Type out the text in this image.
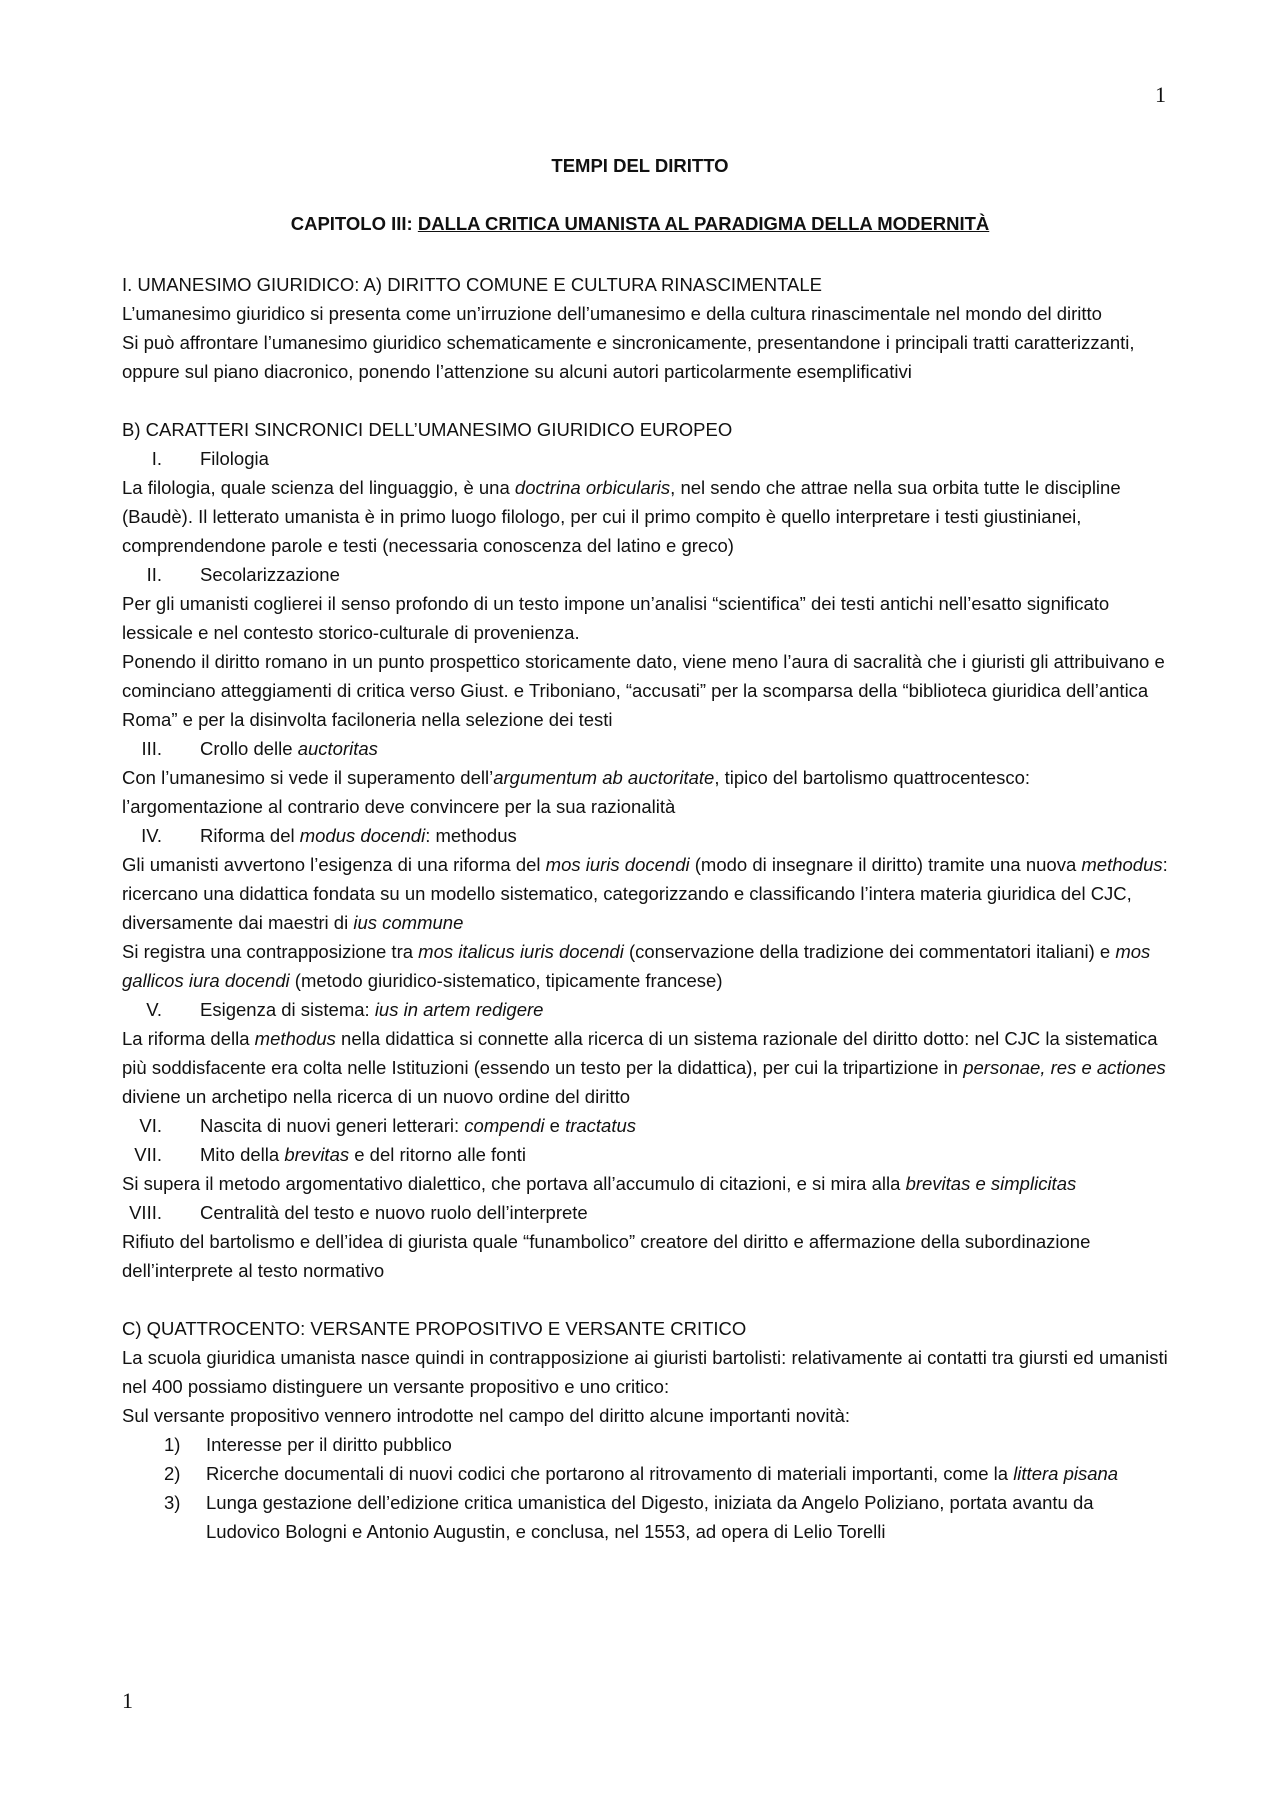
1
TEMPI DEL DIRITTO
CAPITOLO III: DALLA CRITICA UMANISTA AL PARADIGMA DELLA MODERNITÀ

I. UMANESIMO GIURIDICO: A) DIRITTO COMUNE E CULTURA RINASCIMENTALE

L’umanesimo giuridico si presenta come un’irruzione dell’umanesimo e della cultura rinascimentale nel mondo del diritto

Si può affrontare l’umanesimo giuridico schematicamente e sincronicamente, presentandone i principali tratti caratterizzanti, oppure sul piano diacronico, ponendo l’attenzione su alcuni autori particolarmente esemplificativi

B) CARATTERI SINCRONICI DELL’UMANESIMO GIURIDICO EUROPEO

I. Filologia

La filologia, quale scienza del linguaggio, è una doctrina orbicularis, nel sendo che attrae nella sua orbita tutte le discipline (Baudè). Il letterato umanista è in primo luogo filologo, per cui il primo compito è quello interpretare i testi giustinianei, comprendendone parole e testi (necessaria conoscenza del latino e greco)

II. Secolarizzazione

Per gli umanisti coglierei il senso profondo di un testo impone un’analisi “scientifica” dei testi antichi nell’esatto significato lessicale e nel contesto storico-culturale di provenienza.

Ponendo il diritto romano in un punto prospettico storicamente dato, viene meno l’aura di sacralità che i giuristi gli attribuivano e cominciano atteggiamenti di critica verso Giust. e Triboniano, “accusati” per la scomparsa della “biblioteca giuridica dell’antica Roma” e per la disinvolta faciloneria nella selezione dei testi

III. Crollo delle auctoritas

Con l’umanesimo si vede il superamento dell’argumentum ab auctoritate, tipico del bartolismo quattrocentesco: l’argomentazione al contrario deve convincere per la sua razionalità

IV. Riforma del modus docendi: methodus

Gli umanisti avvertono l’esigenza di una riforma del mos iuris docendi (modo di insegnare il diritto) tramite una nuova methodus: ricercano una didattica fondata su un modello sistematico, categorizzando e classificando l’intera materia giuridica del CJC, diversamente dai maestri di ius commune

Si registra una contrapposizione tra mos italicus iuris docendi (conservazione della tradizione dei commentatori italiani) e mos gallicos iura docendi (metodo giuridico-sistematico, tipicamente francese)

V. Esigenza di sistema: ius in artem redigere

La riforma della methodus nella didattica si connette alla ricerca di un sistema razionale del diritto dotto: nel CJC la sistematica più soddisfacente era colta nelle Istituzioni (essendo un testo per la didattica), per cui la tripartizione in personae, res e actiones diviene un archetipo nella ricerca di un nuovo ordine del diritto

VI. Nascita di nuovi generi letterari: compendi e tractatus

VII. Mito della brevitas e del ritorno alle fonti

Si supera il metodo argomentativo dialettico, che portava all’accumulo di citazioni, e si mira alla brevitas e simplicitas

VIII. Centralità del testo e nuovo ruolo dell’interprete

Rifiuto del bartolismo e dell’idea di giurista quale “funambolico” creatore del diritto e affermazione della subordinazione dell’interprete al testo normativo

C) QUATTROCENTO: VERSANTE PROPOSITIVO E VERSANTE CRITICO

La scuola giuridica umanista nasce quindi in contrapposizione ai giuristi bartolisti: relativamente ai contatti tra giursti ed umanisti nel 400 possiamo distinguere un versante propositivo e uno critico:

Sul versante propositivo vennero introdotte nel campo del diritto alcune importanti novità:

1) Interesse per il diritto pubblico

2) Ricerche documentali di nuovi codici che portarono al ritrovamento di materiali importanti, come la littera pisana

3) Lunga gestazione dell’edizione critica umanistica del Digesto, iniziata da Angelo Poliziano, portata avantu da Ludovico Bologni e Antonio Augustin, e conclusa, nel 1553, ad opera di Lelio Torelli

1
